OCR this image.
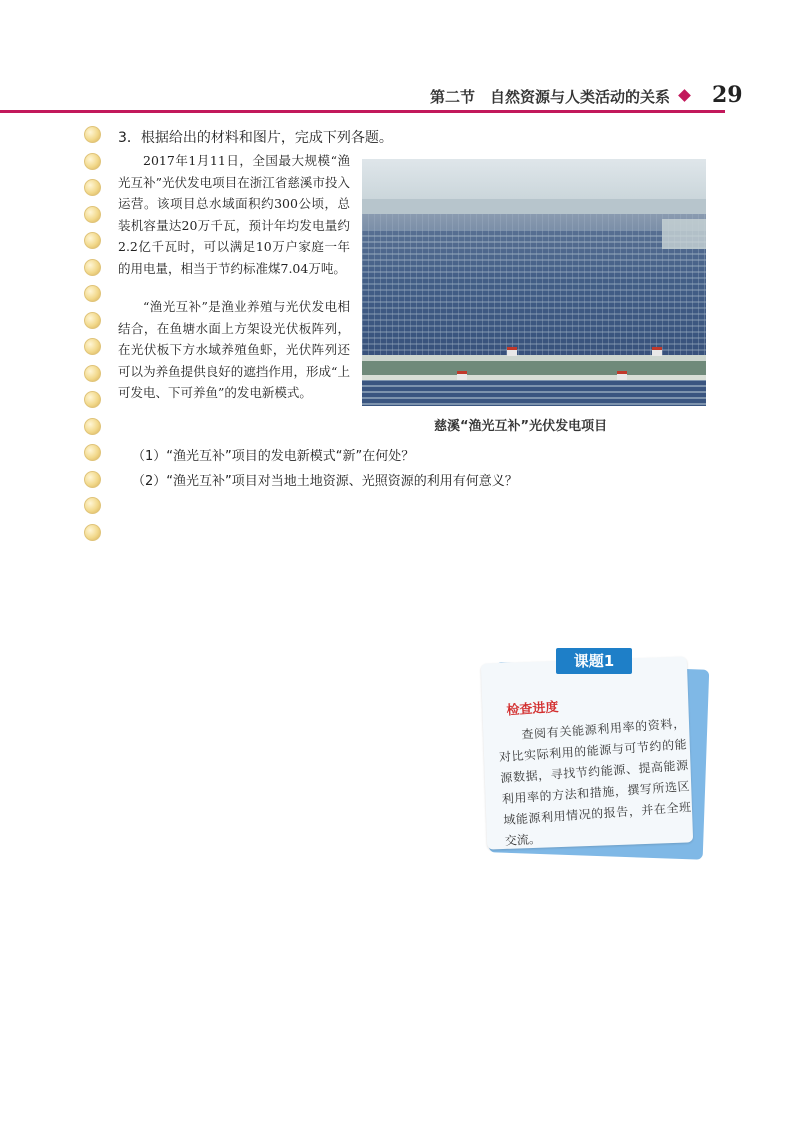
第二节　自然资源与人类活动的关系	29
3．根据给出的材料和图片，完成下列各题。

2017年1月11日，全国最大规模“渔光互补”光伏发电项目在浙江省慈溪市投入运营。该项目总水域面积约300公顷，总装机容量达20万千瓦，预计年均发电量约2.2亿千瓦时，可以满足10万户家庭一年的用电量，相当于节约标准煤7.04万吨。

“渔光互补”是渔业养殖与光伏发电相结合，在鱼塘水面上方架设光伏板阵列，在光伏板下方水域养殖鱼虾，光伏阵列还可以为养鱼提供良好的遮挡作用，形成“上可发电、下可养鱼”的发电新模式。

慈溪“渔光互补”光伏发电项目
（1）“渔光互补”项目的发电新模式“新”在何处？
（2）“渔光互补”项目对当地土地资源、光照资源的利用有何意义？
检查进度

查阅有关能源利用率的资料，对比实际利用的能源与可节约的能源数据，寻找节约能源、提高能源利用率的方法和措施，撰写所选区域能源利用情况的报告，并在全班交流。

课题1
